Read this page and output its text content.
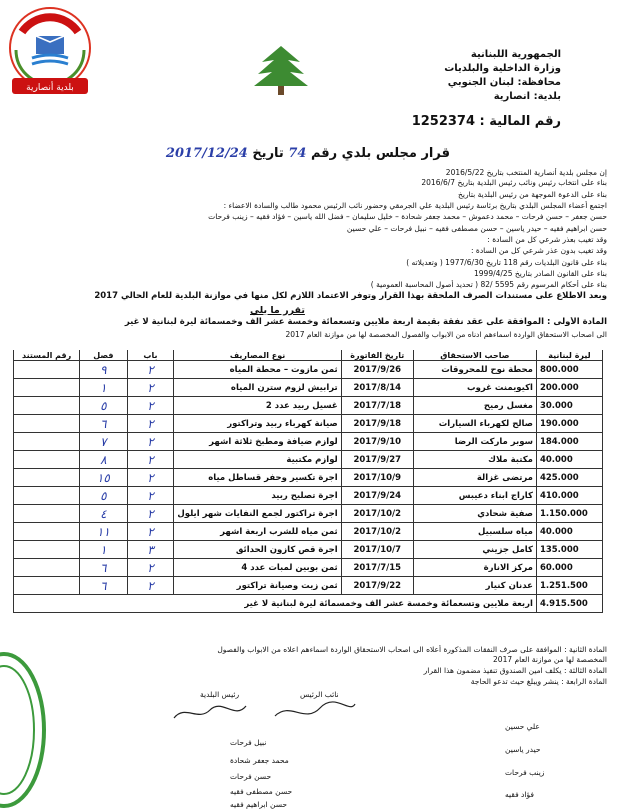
بلدية أنصارية
الجمهورية اللبنانية
وزارة الداخلية والبلديات
محافظة: لبنان الجنوبي
بلدية: انصارية
رقم المالية : 1252374
قرار مجلس بلدي رقم 74 تاريخ 2017/12/24
إن مجلس بلدية أنصارية المنتخب بتاريخ 2016/5/22
بناء على انتخاب رئيس ونائب رئيس البلدية بتاريخ 2016/6/7
بناء على الدعوة الموجهة من رئيس البلدية بتاريخ
اجتمع أعضاء المجلس البلدي بتاريخ برئاسة رئيس البلدية علي الجرمقي وحضور نائب الرئيس محمود طالب والسادة الاعضاء :
حسن جعفر – حسن فرحات – محمد دعموش – محمد جعفر شحادة – خليل سليمان – فضل الله ياسين – فؤاد فقيه – زينب فرحات
حسن ابراهيم فقيه – حيدر ياسين – حسن مصطفى فقيه – نبيل فرحات – علي حسين
وقد تغيب بعذر شرعي كل من السادة :
وقد تغيب بدون عذر شرعي كل من السادة :
بناء على قانون البلديات رقم 118 تاريخ 1977/6/30 ( وتعديلاته )
بناء على القانون الصادر بتاريخ 1999/4/25
بناء على أحكام المرسوم رقم 5595 /82 ( تحديد أصول المحاسبة العمومية )
وبعد الاطلاع على مستندات الصرف الملحقة بهذا القرار وتوفر الاعتماد اللازم لكل منها في موازنة البلدية للعام الحالي 2017
تقرر ما يلي
المادة الأولى : الموافقة على عقد نفقة بقيمة اربعة ملايين وتسعمائة وخمسة عشر الف وخمسمائة ليرة لبنانية لا غير
الى اصحاب الاستحقاق الواردة اسماءهم ادناه من الابواب والفصول المخصصة لها من موازنة العام 2017
ليرة لبنانية	صاحب الاستحقاق	تاريخ الفاتورة	نوع المصاريف	باب	فصل	رقم المستند
800.000	محطة نوح للمحروقات	2017/9/26	ثمن مازوت – محطة المياه	٢	٩	
200.000	اكيويمنت غروب	2017/8/14	ترابيش لزوم سترن المياه	٢	١	
30.000	مغسل رميح	2017/7/18	غسيل ربيد عدد 2	٢	٥	
190.000	صالح لكهرباء السيارات	2017/9/18	صيانة كهرباء ربيد وتراكتور	٢	٦	
184.000	سوبر ماركت الرضا	2017/9/10	لوازم ضيافة ومطبخ ثلاثة اشهر	٢	٧	
40.000	مكتبة ملاك	2017/9/27	لوازم مكتبية	٢	٨	
425.000	مرتضى غزالة	2017/10/9	اجرة تكسير وحفر قساطل مياه	٢	١٥	
410.000	كاراج ابناء دعيبس	2017/9/24	اجرة تصليح ربيد	٢	٥	
1.150.000	صفية شحادي	2017/10/2	اجرة تراكتور لجمع النفايات شهر ايلول	٢	٤	
40.000	مياه سلسبيل	2017/10/2	ثمن مياه للشرب اربعة اشهر	٢	١١	
135.000	كامل جزيني	2017/10/7	اجرة قص كازون الحدائق	٣	١	
60.000	مركز الانارة	2017/7/15	ثمن بوبين لمبات عدد 4	٢	٦	
1.251.500	عدنان كنيار	2017/9/22	ثمن زيت وصيانة تراكتور	٢	٦	
4.915.500	اربعة ملايين وتسعمائة وخمسة عشر الف وخمسمائة ليرة لبنانية لا غير					
المادة الثانية : الموافقة على صرف النفقات المذكورة أعلاه الى اصحاب الاستحقاق الواردة اسماءهم اعلاه من الابواب والفصول
المخصصة لها من موازنة العام 2017
المادة الثالثة : يكلف امين الصندوق تنفيذ مضمون هذا القرار
المادة الرابعة : ينشر ويبلغ حيث تدعو الحاجة
رئيس البلدية	نائب الرئيس
نبيل فرحات
محمد جعفر شحادة
حسن فرحات
حسن مصطفى فقيه
حسن ابراهيم فقيه
علي حسين
حيدر ياسين
زينب فرحات
فؤاد فقيه
